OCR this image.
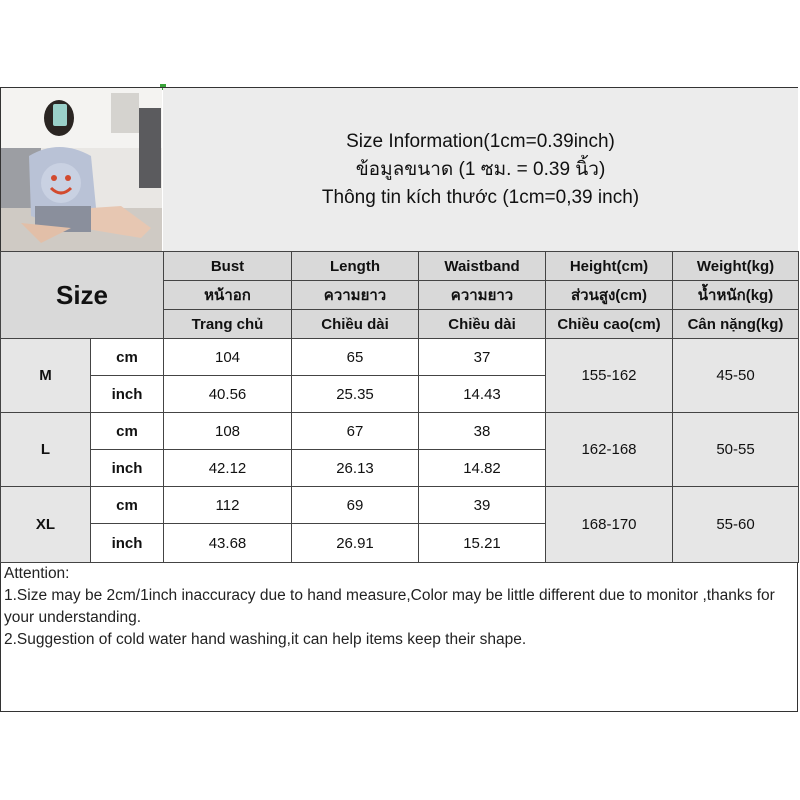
Size Information(1cm=0.39inch)
ข้อมูลขนาด (1 ซม. = 0.39 นิ้ว)
Thông tin kích thước (1cm=0,39 inch)
Size		Bust	Length	Waistband	Height(cm)	Weight(kg)
		หน้าอก	ความยาว	ความยาว	ส่วนสูง(cm)	น้ำหนัก(kg)
		Trang chủ	Chiều dài	Chiều dài	Chiều cao(cm)	Cân nặng(kg)
M	cm	104	65	37	155-162	45-50
	inch	40.56	25.35	14.43		
L	cm	108	67	38	162-168	50-55
	inch	42.12	26.13	14.82		
XL	cm	112	69	39	168-170	55-60
	inch	43.68	26.91	15.21		
Attention:
1.Size may be 2cm/1inch inaccuracy due to hand measure,Color may be little different due to monitor ,thanks for your understanding.
2.Suggestion of cold water hand washing,it can help items keep their shape.
